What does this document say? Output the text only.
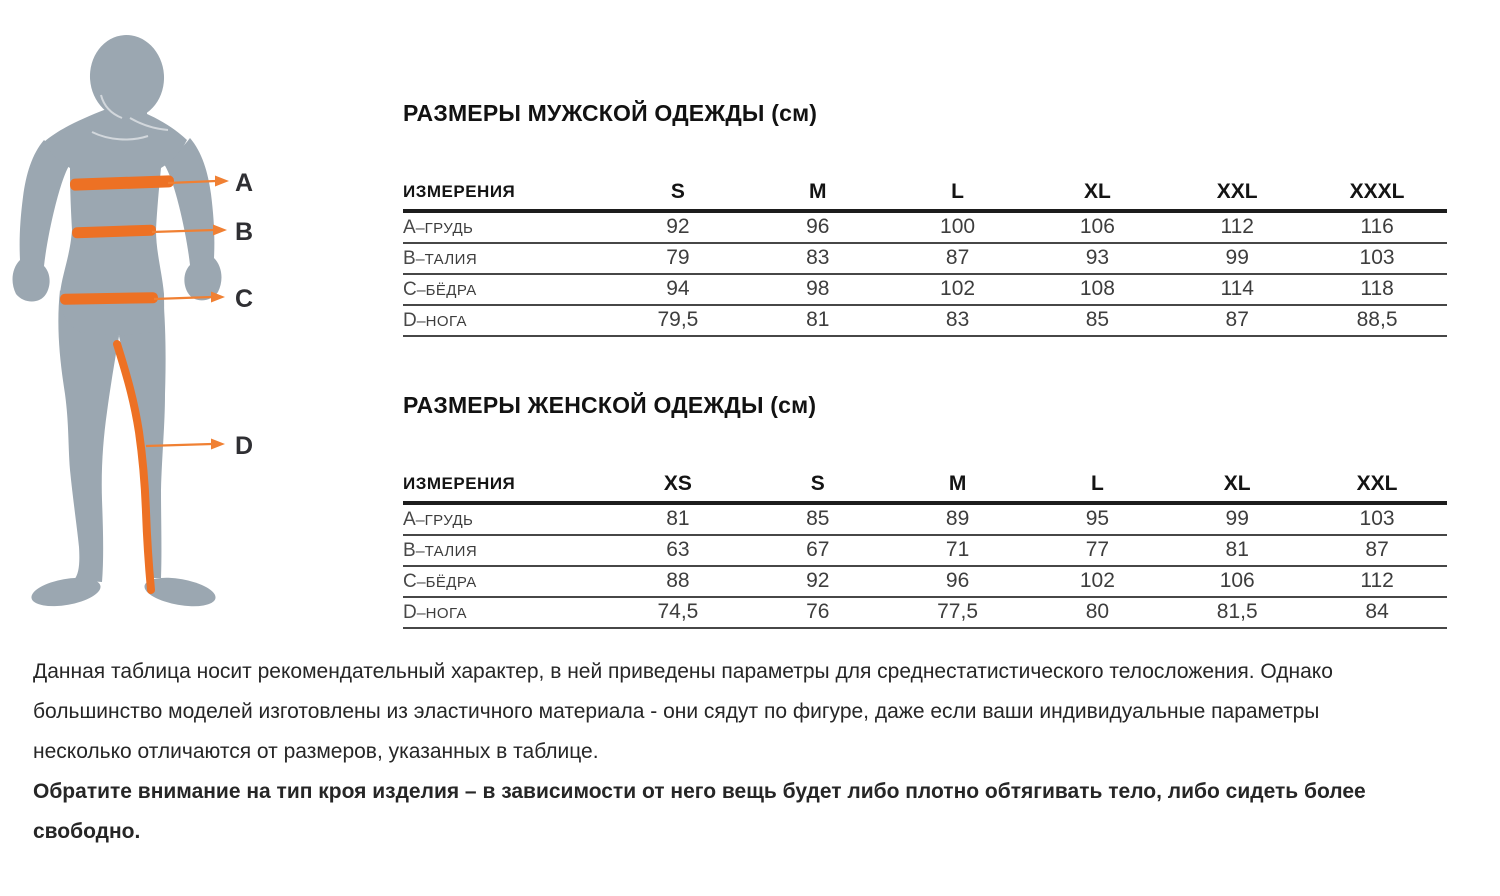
A
B
C
D
РАЗМЕРЫ МУЖСКОЙ ОДЕЖДЫ (см)
ИЗМЕРЕНИЯ	S	M	L	XL	XXL	XXXL
А–ГРУДЬ	92	96	100	106	112	116
В–ТАЛИЯ	79	83	87	93	99	103
С–БЁДРА	94	98	102	108	114	118
D–НОГА	79,5	81	83	85	87	88,5
РАЗМЕРЫ ЖЕНСКОЙ ОДЕЖДЫ (см)
ИЗМЕРЕНИЯ	XS	S	M	L	XL	XXL
А–ГРУДЬ	81	85	89	95	99	103
В–ТАЛИЯ	63	67	71	77	81	87
С–БЁДРА	88	92	96	102	106	112
D–НОГА	74,5	76	77,5	80	81,5	84
Данная таблица носит рекомендательный характер, в ней приведены параметры для среднестатистического телосложения. Однако
большинство моделей изготовлены из эластичного материала - они сядут по фигуре, даже если ваши индивидуальные параметры
несколько отличаются от размеров, указанных в таблице.
Обратите внимание на тип кроя изделия – в зависимости от него вещь будет либо плотно обтягивать тело, либо сидеть более
свободно.
